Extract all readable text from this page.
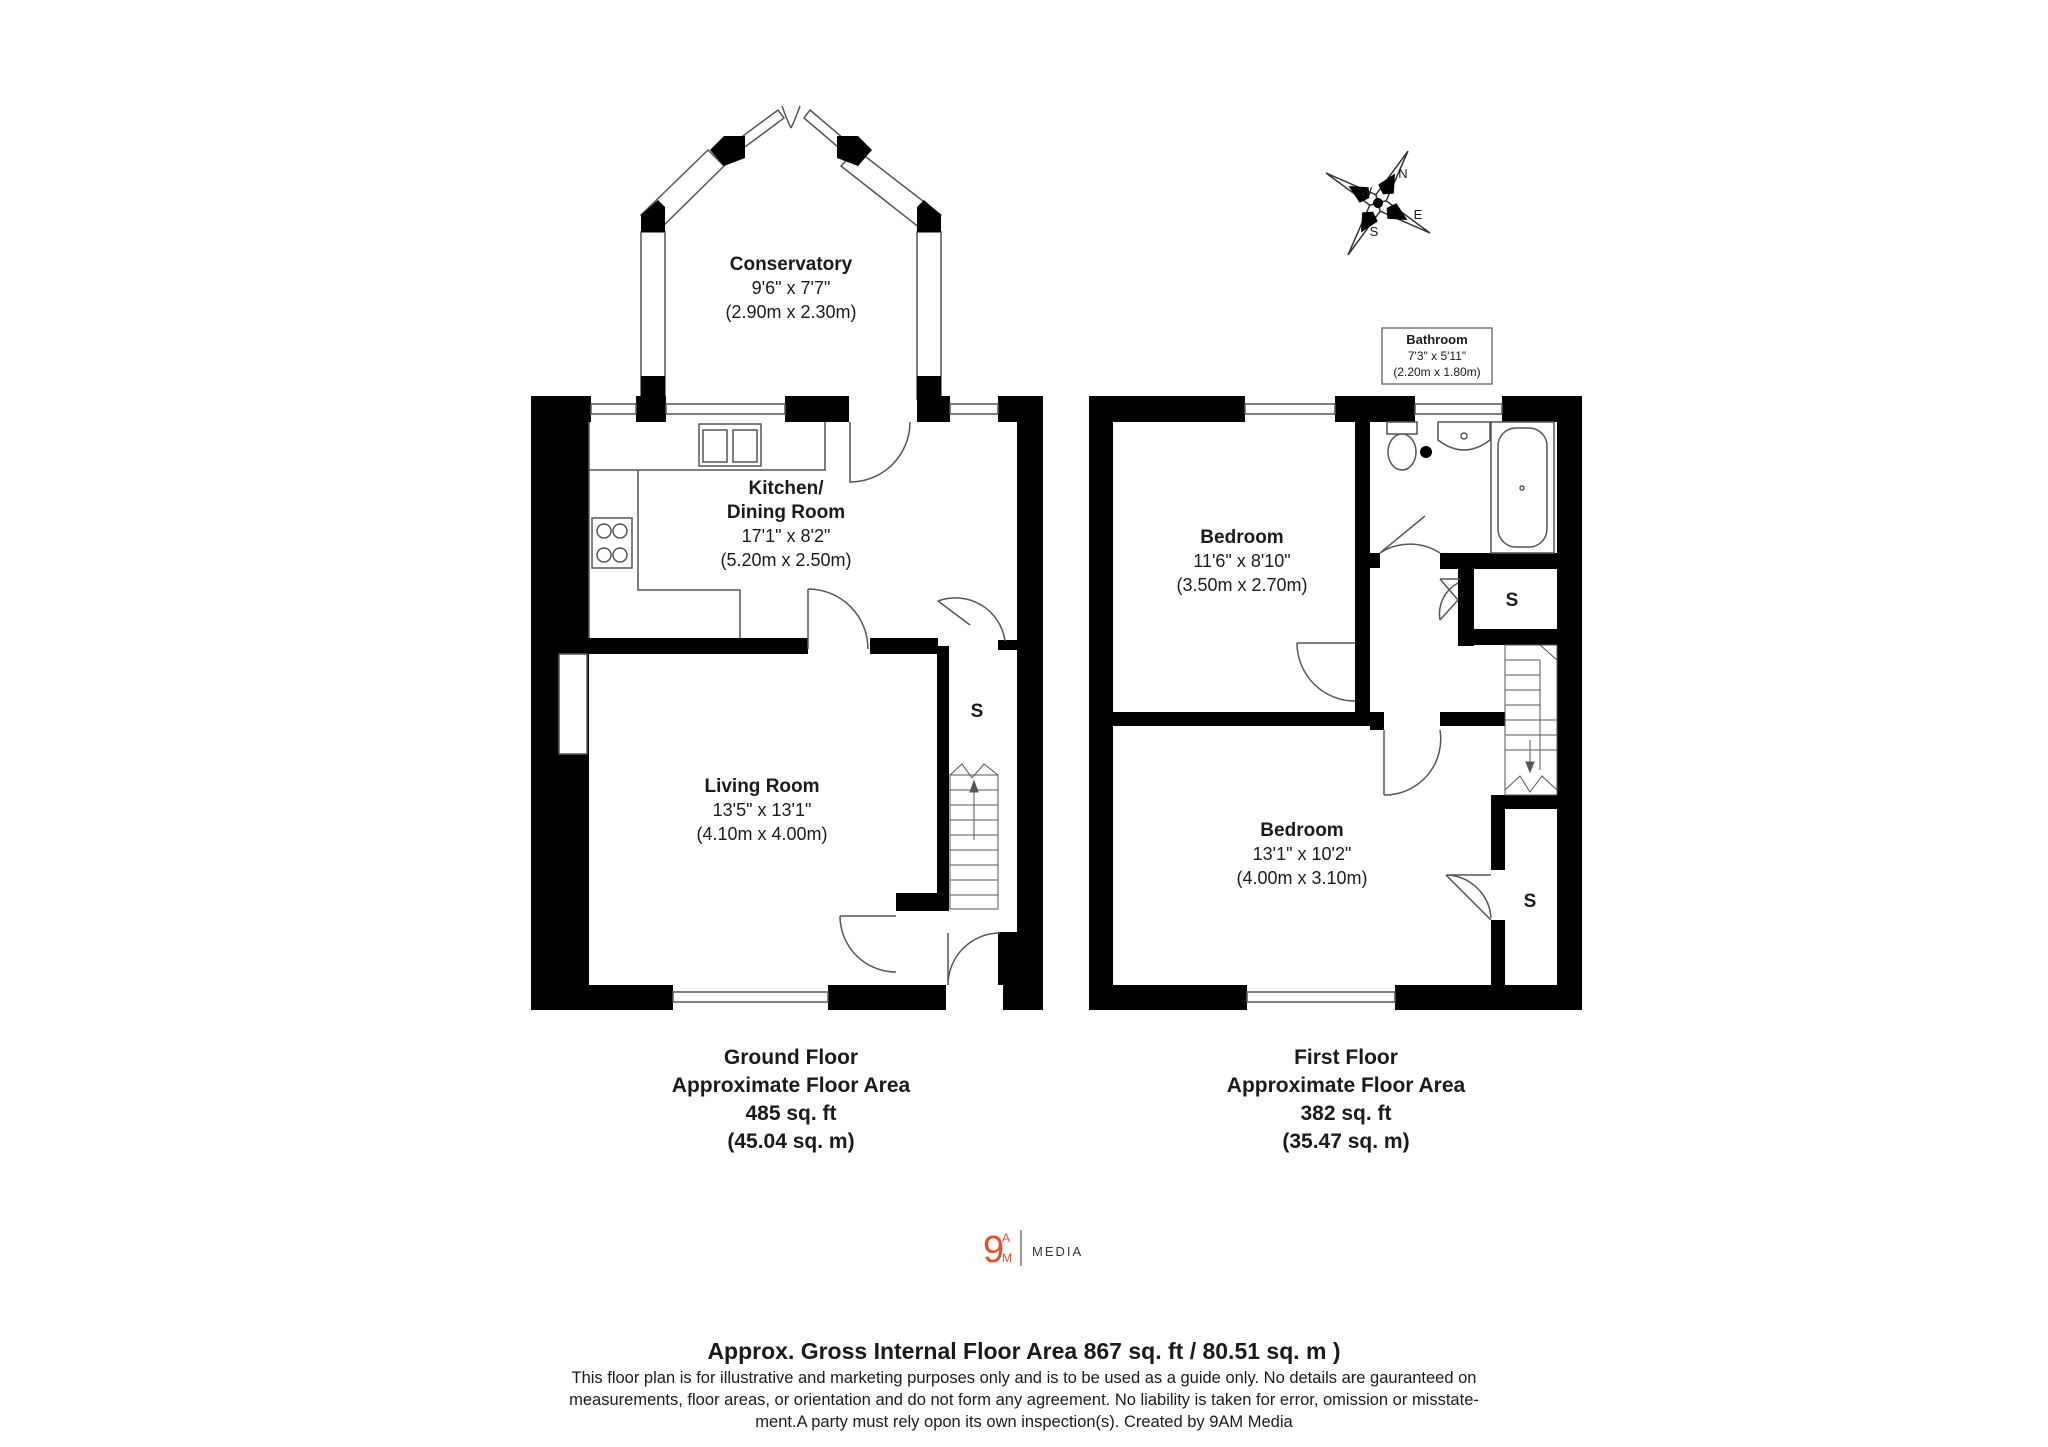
N
W
E
S
Conservatory
9'6" x 7'7"
(2.90m x 2.30m)
Kitchen/
Dining Room
17'1" x 8'2"
(5.20m x 2.50m)
Living Room
13'5" x 13'1"
(4.10m x 4.00m)
S
Bathroom
7'3" x 5'11"
(2.20m x 1.80m)
Bedroom
11'6" x 8'10"
(3.50m x 2.70m)
Bedroom
13'1" x 10'2"
(4.00m x 3.10m)
S
S
Ground Floor
Approximate Floor Area
485 sq. ft
(45.04 sq. m)
First Floor
Approximate Floor Area
382 sq. ft
(35.47 sq. m)
9
A
M MEDIA
Approx. Gross Internal Floor Area 867 sq. ft / 80.51 sq. m )
This floor plan is for illustrative and marketing purposes only and is to be used as a guide only. No details are gauranteed on
measurements, floor areas, or orientation and do not form any agreement. No liability is taken for error, omission or misstate-
ment.A party must rely opon its own inspection(s). Created by 9AM Media
